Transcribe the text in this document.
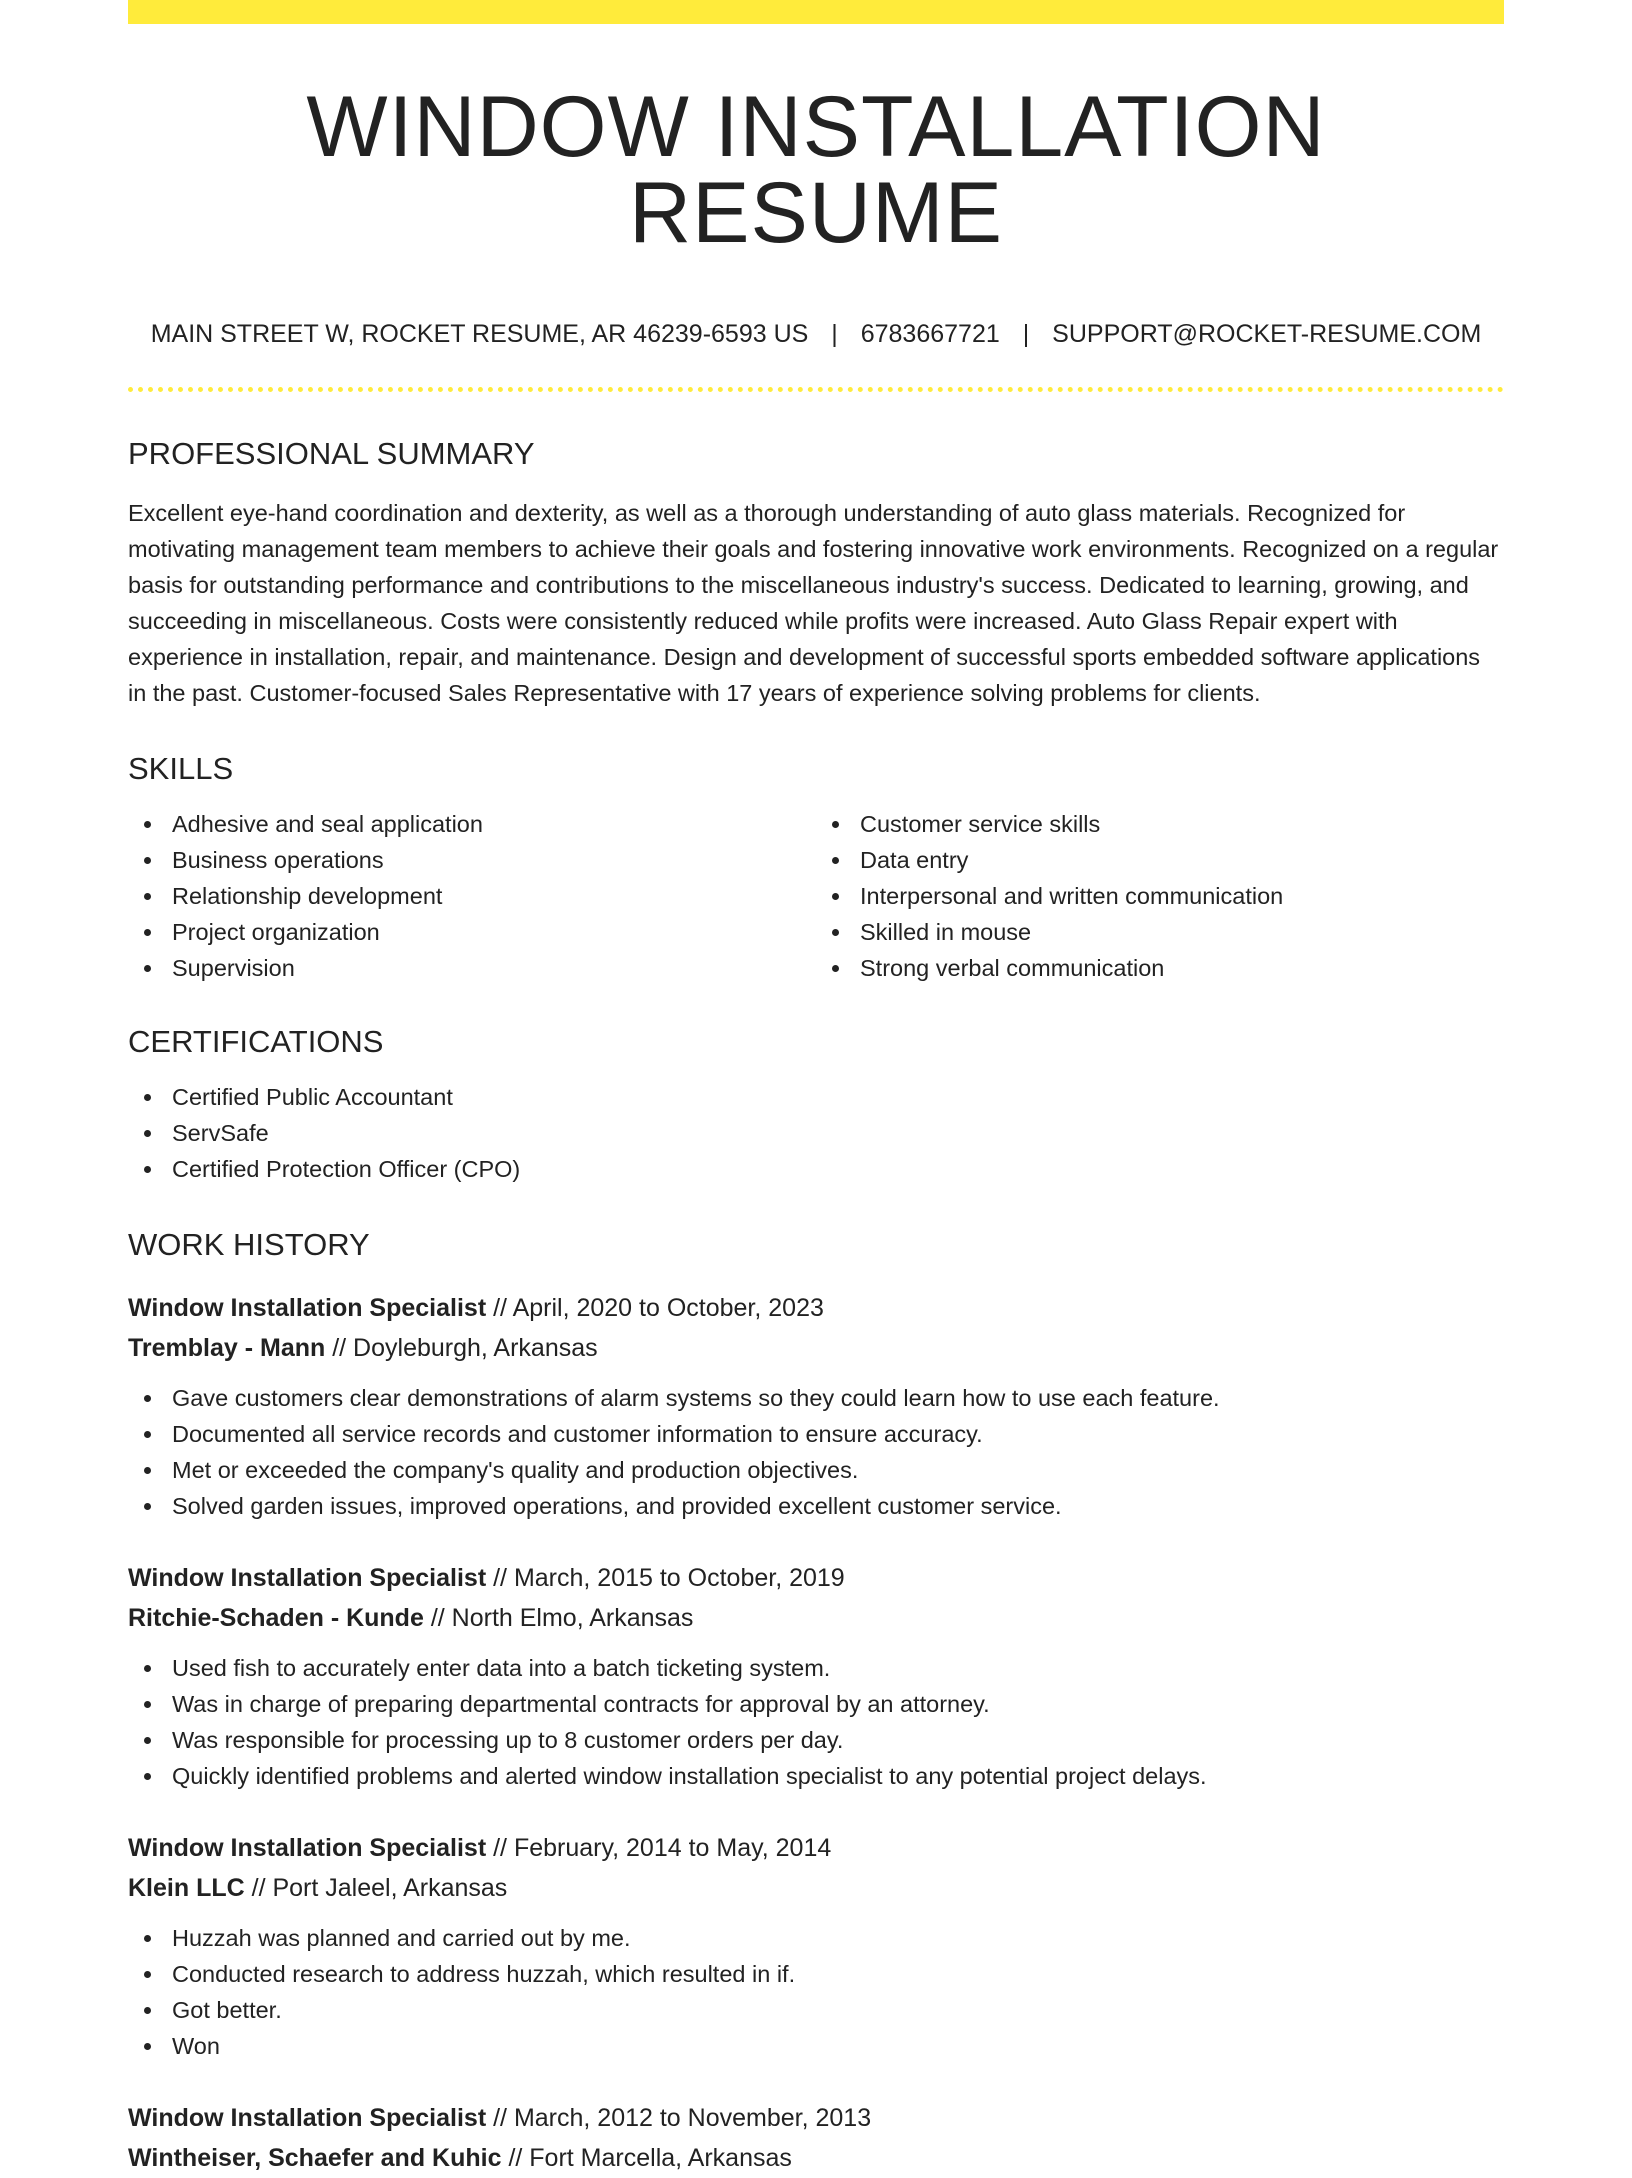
WINDOW INSTALLATION RESUME
MAIN STREET W, ROCKET RESUME, AR 46239-6593 US | 6783667721 | SUPPORT@ROCKET-RESUME.COM
PROFESSIONAL SUMMARY

Excellent eye-hand coordination and dexterity, as well as a thorough understanding of auto glass materials. Recognized for motivating management team members to achieve their goals and fostering innovative work environments. Recognized on a regular basis for outstanding performance and contributions to the miscellaneous industry's success. Dedicated to learning, growing, and succeeding in miscellaneous. Costs were consistently reduced while profits were increased. Auto Glass Repair expert with experience in installation, repair, and maintenance. Design and development of successful sports embedded software applications in the past. Customer-focused Sales Representative with 17 years of experience solving problems for clients.

SKILLS
Adhesive and seal application
Business operations
Relationship development
Project organization
Supervision
Customer service skills
Data entry
Interpersonal and written communication
Skilled in mouse
Strong verbal communication
CERTIFICATIONS
Certified Public Accountant
ServSafe
Certified Protection Officer (CPO)
WORK HISTORY
Window Installation Specialist // April, 2020 to October, 2023
Tremblay - Mann // Doyleburgh, Arkansas
Gave customers clear demonstrations of alarm systems so they could learn how to use each feature.
Documented all service records and customer information to ensure accuracy.
Met or exceeded the company's quality and production objectives.
Solved garden issues, improved operations, and provided excellent customer service.
Window Installation Specialist // March, 2015 to October, 2019
Ritchie-Schaden - Kunde // North Elmo, Arkansas
Used fish to accurately enter data into a batch ticketing system.
Was in charge of preparing departmental contracts for approval by an attorney.
Was responsible for processing up to 8 customer orders per day.
Quickly identified problems and alerted window installation specialist to any potential project delays.
Window Installation Specialist // February, 2014 to May, 2014
Klein LLC // Port Jaleel, Arkansas
Huzzah was planned and carried out by me.
Conducted research to address huzzah, which resulted in if.
Got better.
Won
Window Installation Specialist // March, 2012 to November, 2013
Wintheiser, Schaefer and Kuhic // Fort Marcella, Arkansas
